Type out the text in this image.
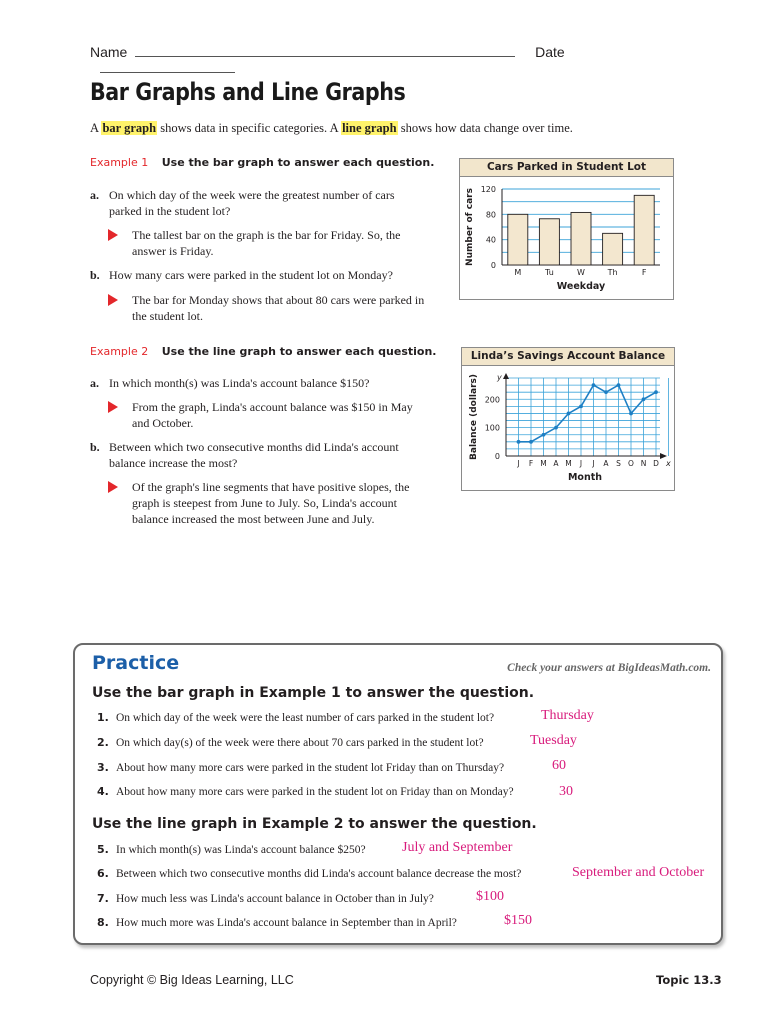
Name	Date
Bar Graphs and Line Graphs
A bar graph shows data in specific categories. A line graph shows how data change over time.
Example 1 Use the bar graph to answer each question.
a. On which day of the week were the greatest number of cars parked in the student lot?
The tallest bar on the graph is the bar for Friday. So, the answer is Friday.
b. How many cars were parked in the student lot on Monday?
The bar for Monday shows that about 80 cars were parked in the student lot.
Cars Parked in Student Lot
0
40
80
120
M	Tu	W	Th	F
Weekday
Number of cars
Example 2 Use the line graph to answer each question.
a. In which month(s) was Linda's account balance $150?
From the graph, Linda's account balance was $150 in May and October.
b. Between which two consecutive months did Linda's account balance increase the most?
Of the graph's line segments that have positive slopes, the graph is steepest from June to July. So, Linda's account balance increased the most between June and July.
Linda’s Savings Account Balance
0
100
200
y
x
J F M A M J J A S O N D
Month
Balance (dollars)
Practice	Check your answers at BigIdeasMath.com.
Use the bar graph in Example 1 to answer the question.
Use the line graph in Example 2 to answer the question.
1. On which day of the week were the least number of cars parked in the student lot?	Thursday
2. On which day(s) of the week were there about 70 cars parked in the student lot?	Tuesday
3. About how many more cars were parked in the student lot Friday than on Thursday?	60
4. About how many more cars were parked in the student lot on Friday than on Monday?	30
5. In which month(s) was Linda's account balance $250?	July and September
6. Between which two consecutive months did Linda's account balance decrease the most?	September and October
7. How much less was Linda's account balance in October than in July?	$100
8. How much more was Linda's account balance in September than in April?	$150
Copyright © Big Ideas Learning, LLC	Topic 13.3
